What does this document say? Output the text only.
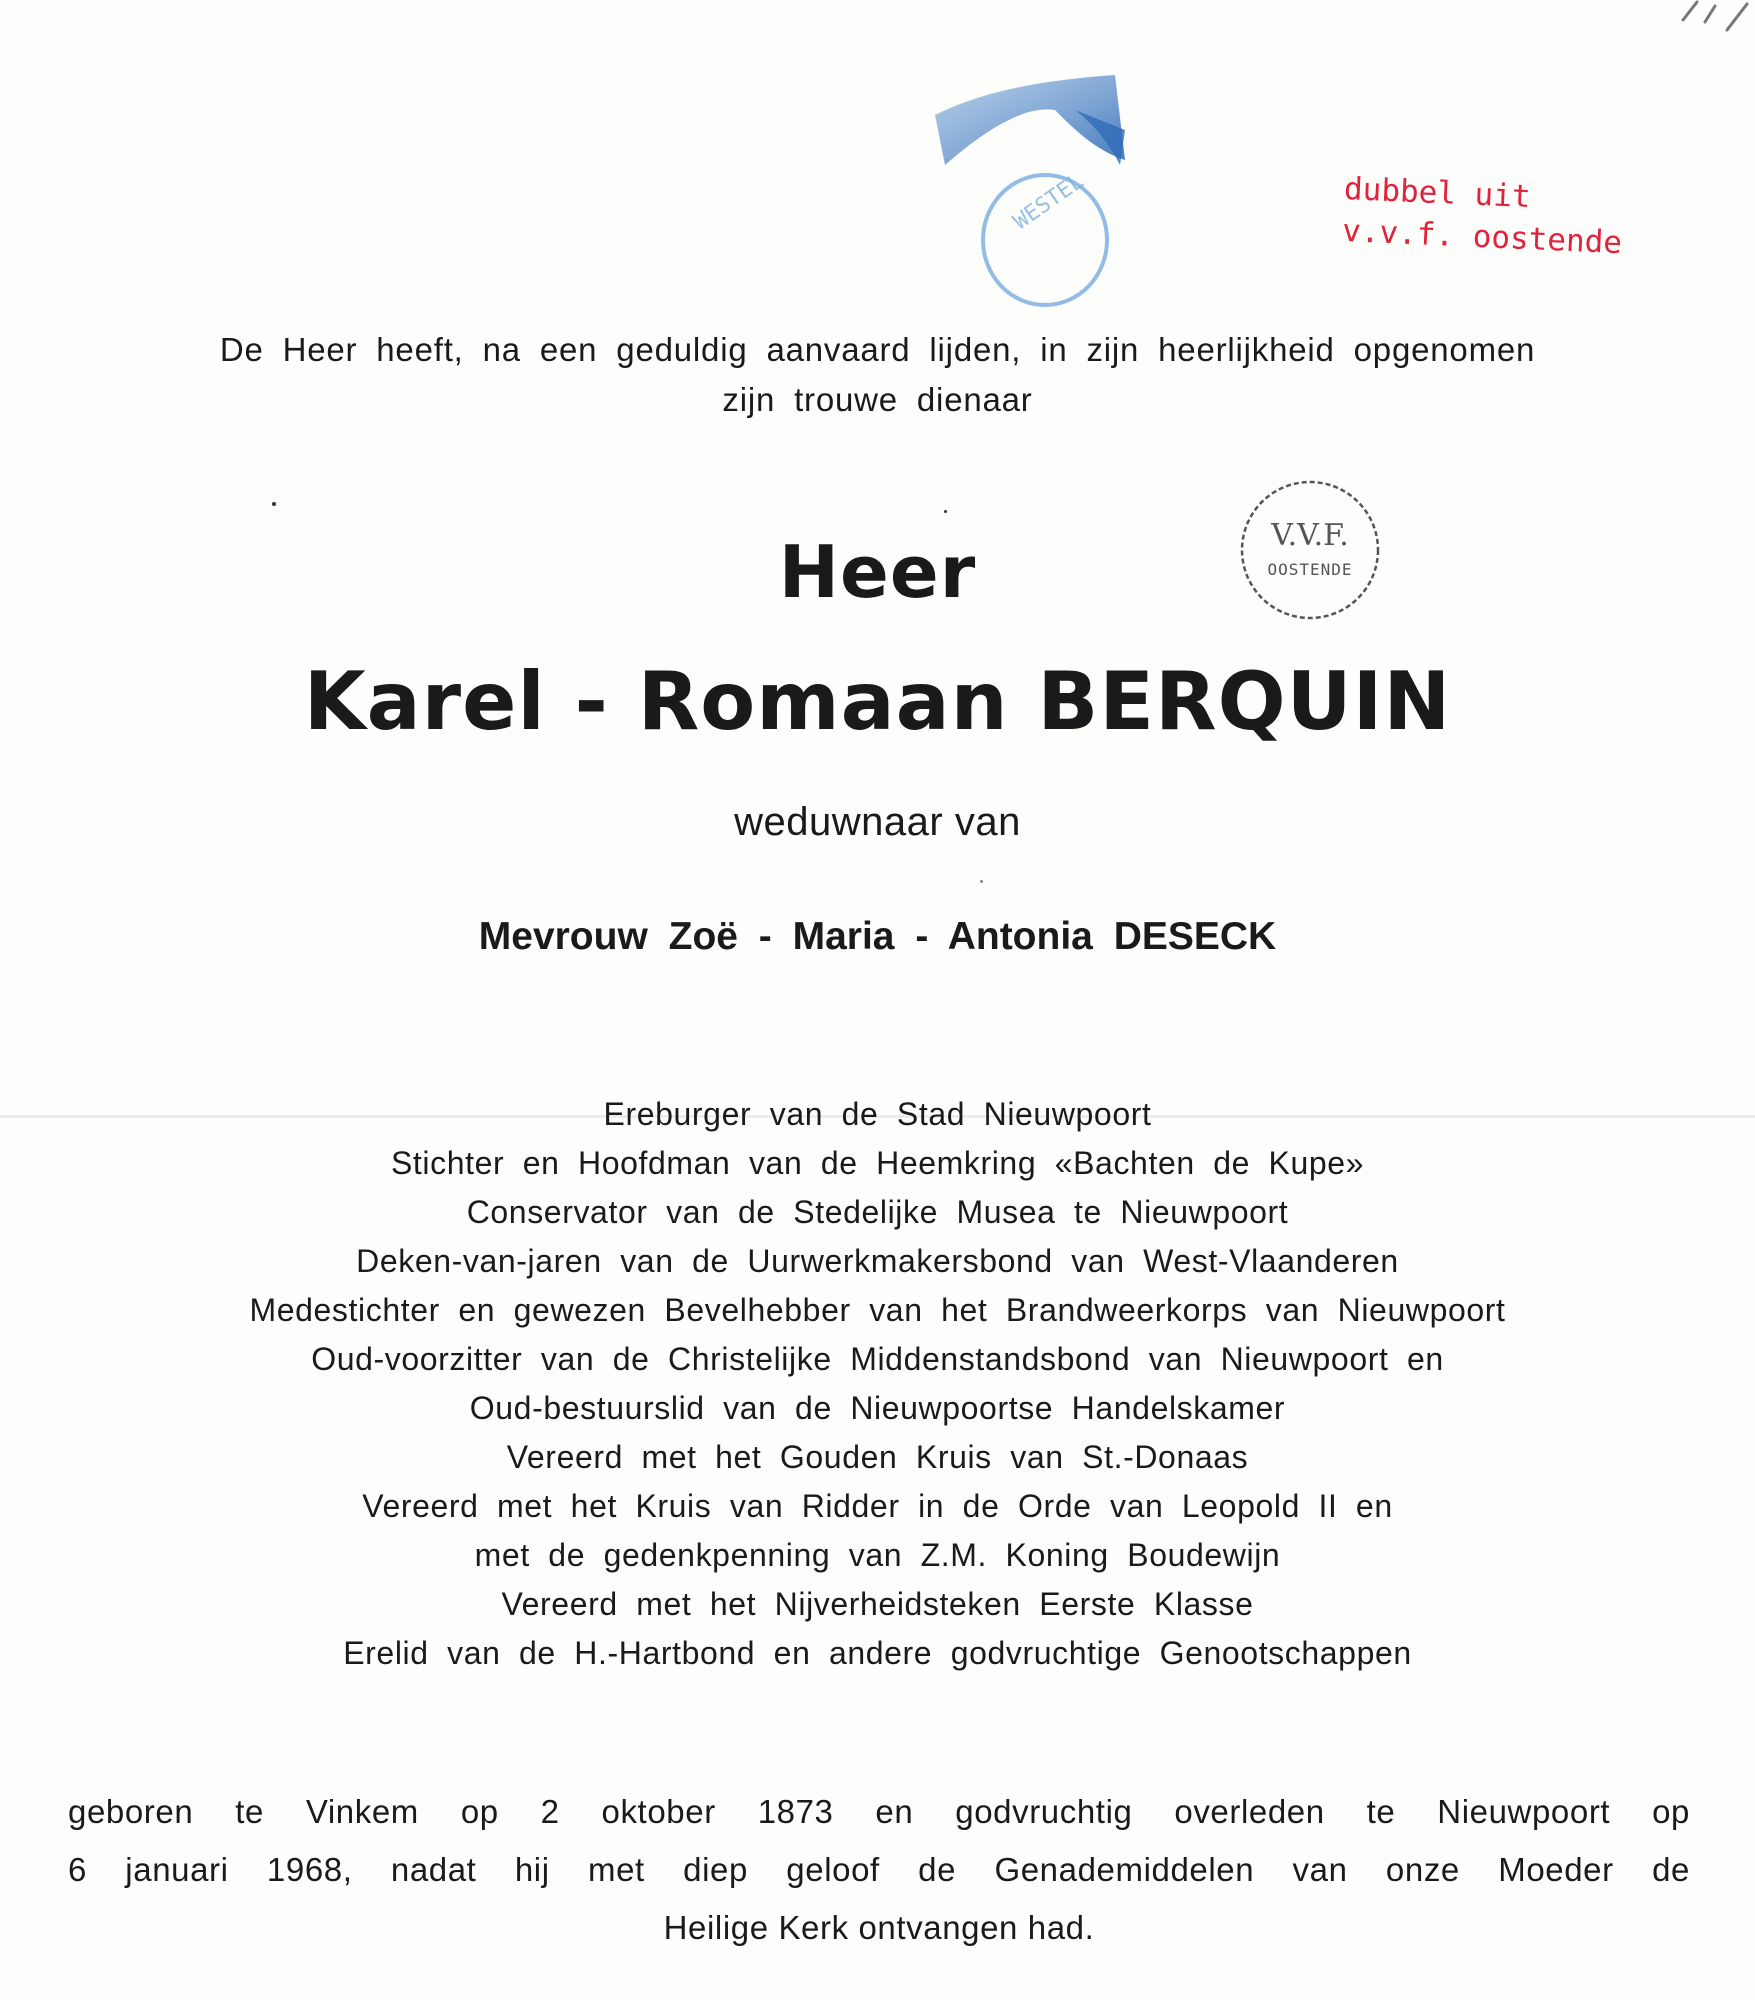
WESTEL	dubbel uit
v.v.f. oostende
V.V.F.
OOSTENDE
De Heer heeft, na een geduldig aanvaard lijden, in zijn heerlijkheid opgenomen
zijn trouwe dienaar
Heer
Karel - Romaan BERQUIN
weduwnaar van
Mevrouw Zoë - Maria - Antonia DESECK
Ereburger van de Stad Nieuwpoort
Stichter en Hoofdman van de Heemkring «Bachten de Kupe»
Conservator van de Stedelijke Musea te Nieuwpoort
Deken-van-jaren van de Uurwerkmakersbond van West-Vlaanderen
Medestichter en gewezen Bevelhebber van het Brandweerkorps van Nieuwpoort
Oud-voorzitter van de Christelijke Middenstandsbond van Nieuwpoort en
Oud-bestuurslid van de Nieuwpoortse Handelskamer
Vereerd met het Gouden Kruis van St.-Donaas
Vereerd met het Kruis van Ridder in de Orde van Leopold II en
met de gedenkpenning van Z.M. Koning Boudewijn
Vereerd met het Nijverheidsteken Eerste Klasse
Erelid van de H.-Hartbond en andere godvruchtige Genootschappen
geboren te Vinkem op 2 oktober 1873 en godvruchtig overleden te Nieuwpoort op
6 januari 1968, nadat hij met diep geloof de Genademiddelen van onze Moeder de
Heilige Kerk ontvangen had.
